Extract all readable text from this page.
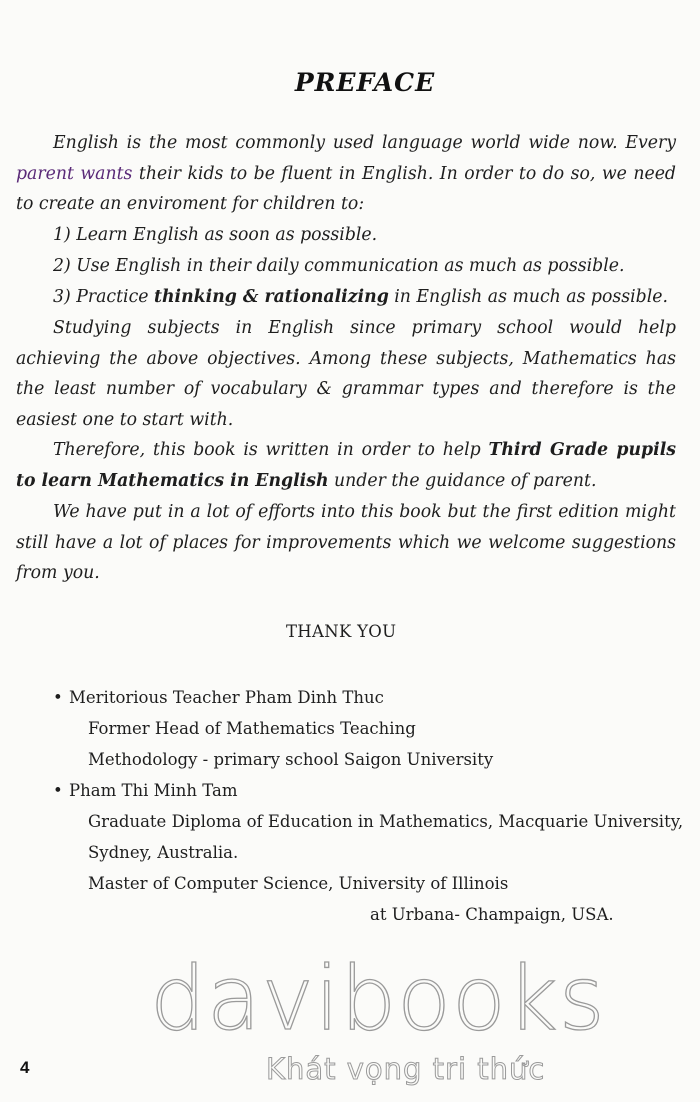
PREFACE

English is the most commonly used language world wide now. Every parent wants their kids to be fluent in English. In order to do so, we need to create an enviroment for children to:

1) Learn English as soon as possible.
2) Use English in their daily communication as much as possible.
3) Practice thinking & rationalizing in English as much as possible.

Studying subjects in English since primary school would help achieving the above objectives. Among these subjects, Mathematics has the least number of vocabulary & grammar types and therefore is the easiest one to start with.

Therefore, this book is written in order to help Third Grade pupils to learn Mathematics in English under the guidance of parent.

We have put in a lot of efforts into this book but the first edition might still have a lot of places for improvements which we welcome suggestions from you.

THANK YOU
• Meritorious Teacher Pham Dinh Thuc
Former Head of Mathematics Teaching
Methodology - primary school Saigon University
• Pham Thi Minh Tam
Graduate Diploma of Education in Mathematics, Macquarie University,
Sydney, Australia.
Master of Computer Science, University of Illinois
at Urbana- Champaign, USA.
davibooks
Khát vọng tri thức
4
